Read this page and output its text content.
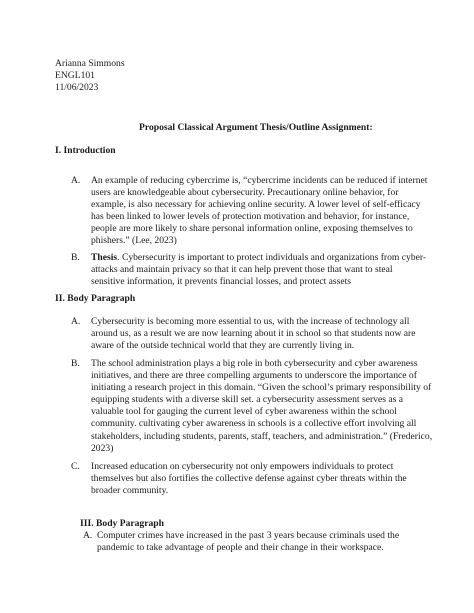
Arianna Simmons
ENGL101
11/06/2023
Proposal Classical Argument Thesis/Outline Assignment:
I. Introduction
A. An example of reducing cybercrime is, “cybercrime incidents can be reduced if internet
users are knowledgeable about cybersecurity. Precautionary online behavior, for
example, is also necessary for achieving online security. A lower level of self-efficacy
has been linked to lower levels of protection motivation and behavior, for instance,
people are more likely to share personal information online, exposing themselves to
phishers.” (Lee, 2023)
B. Thesis. Cybersecurity is important to protect individuals and organizations from cyber-
attacks and maintain privacy so that it can help prevent those that want to steal
sensitive information, it prevents financial losses, and protect assets
II. Body Paragraph
A. Cybersecurity is becoming more essential to us, with the increase of technology all
around us, as a result we are now learning about it in school so that students now are
aware of the outside technical world that they are currently living in.
B. The school administration plays a big role in both cybersecurity and cyber awareness
initiatives, and there are three compelling arguments to underscore the importance of
initiating a research project in this domain. “Given the school’s primary responsibility of
equipping students with a diverse skill set. a cybersecurity assessment serves as a
valuable tool for gauging the current level of cyber awareness within the school
community. cultivating cyber awareness in schools is a collective effort involving all
stakeholders, including students, parents, staff, teachers, and administration.” (Frederico,
2023)
C. Increased education on cybersecurity not only empowers individuals to protect
themselves but also fortifies the collective defense against cyber threats within the
broader community.
III. Body Paragraph
A. Computer crimes have increased in the past 3 years because criminals used the
pandemic to take advantage of people and their change in their workspace.
